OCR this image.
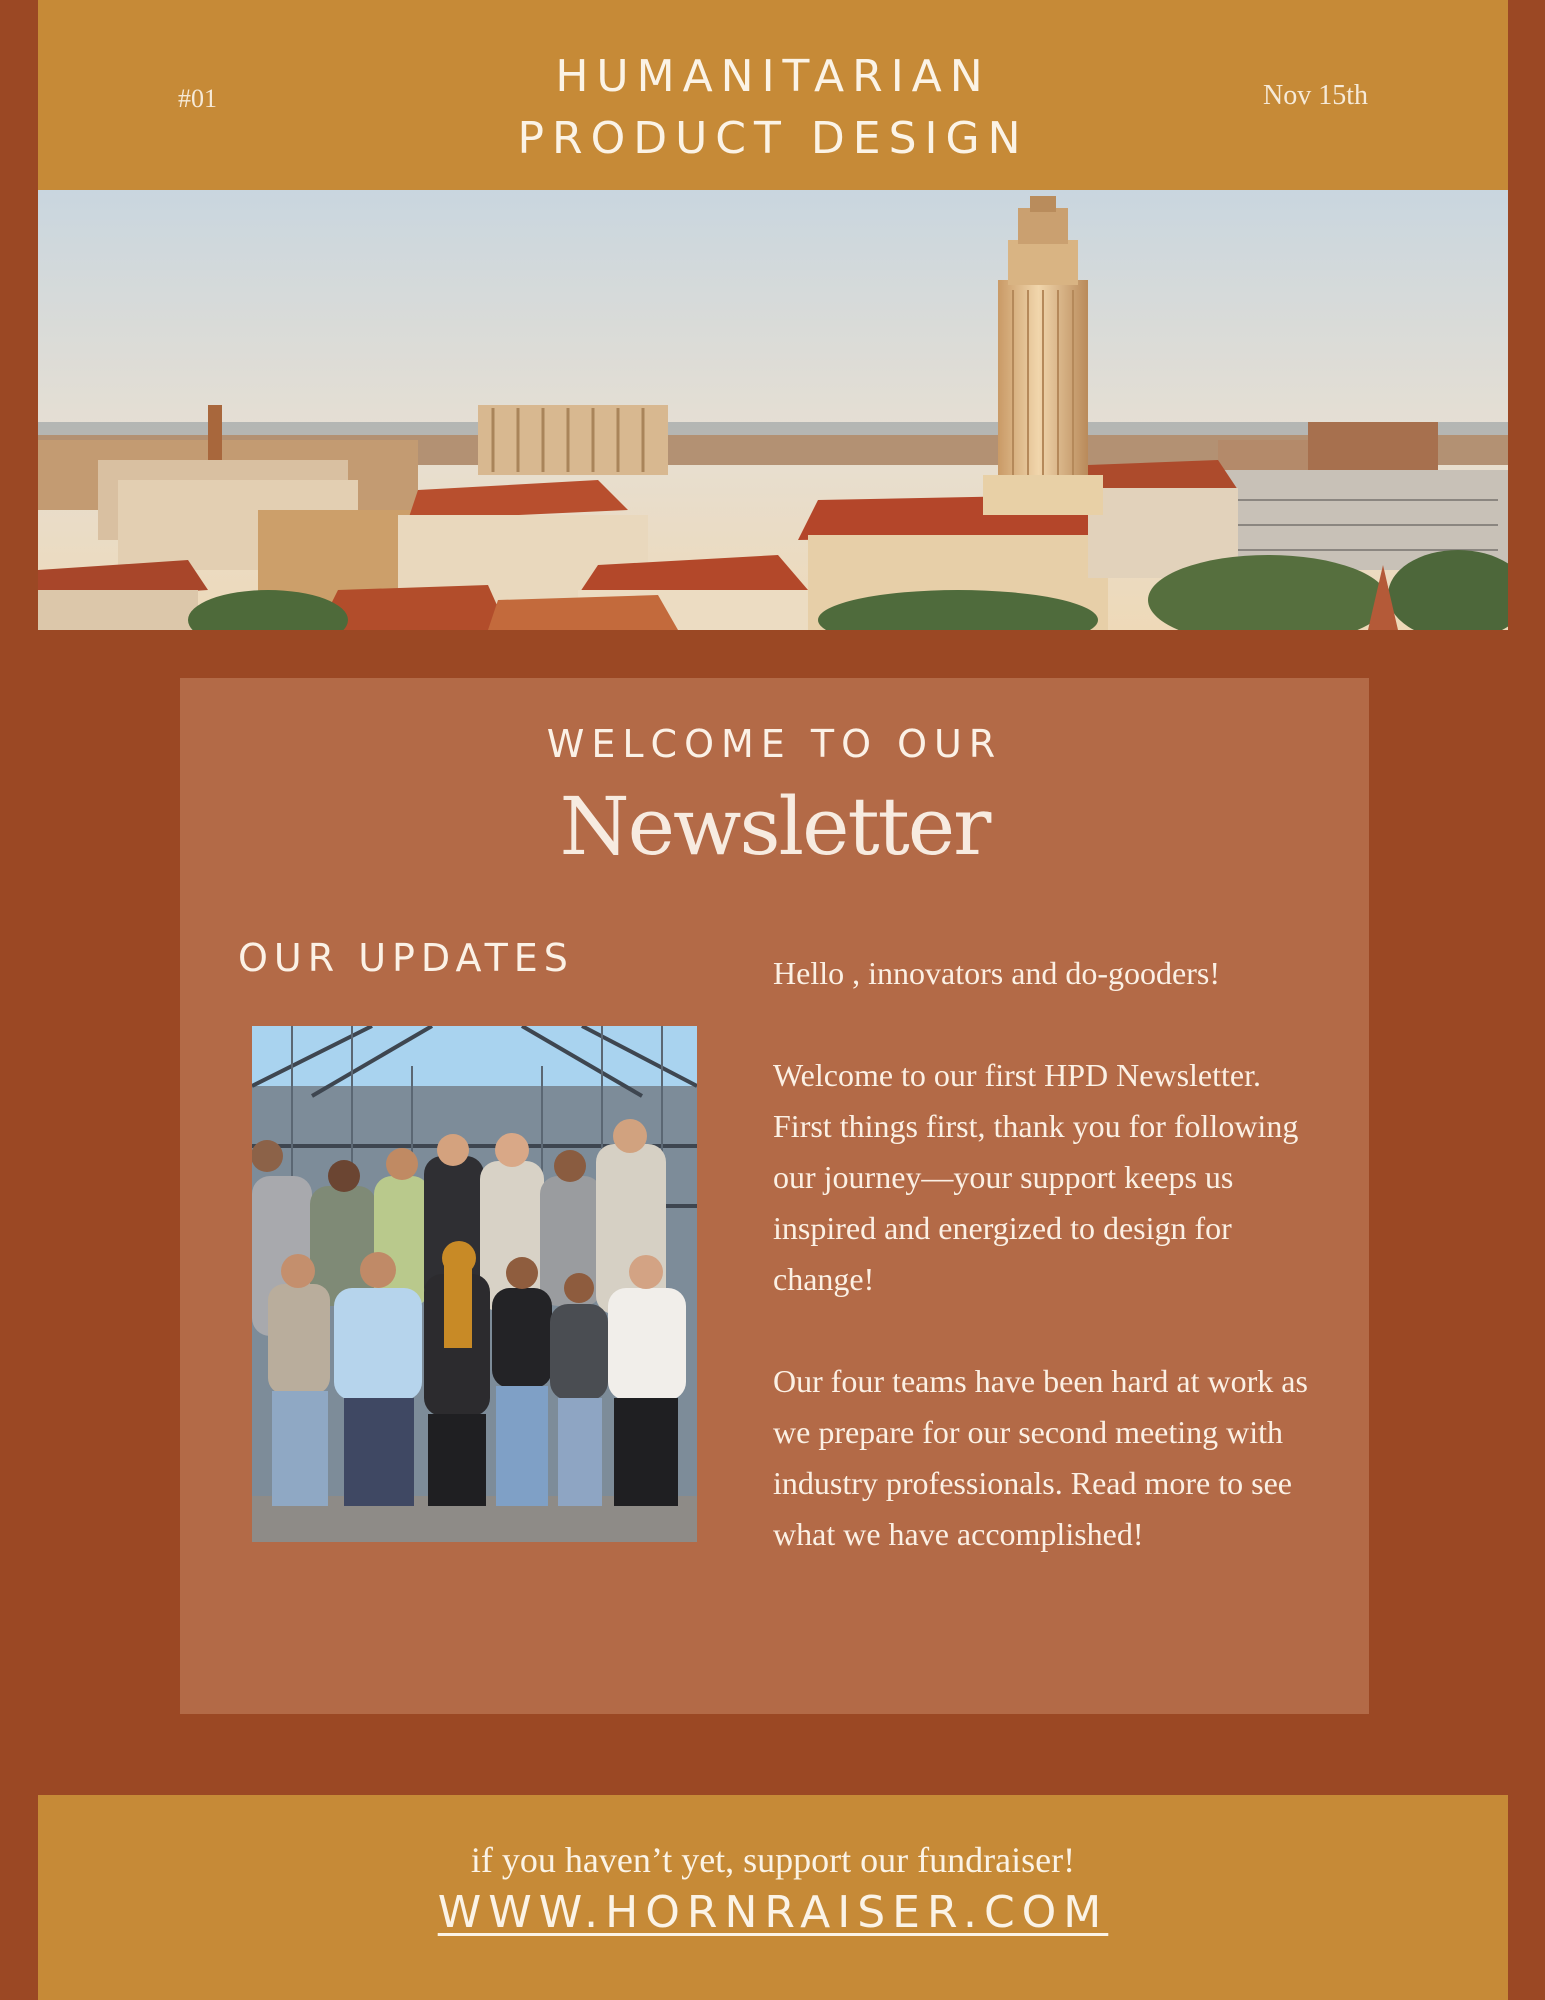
#01	HUMANITARIAN
PRODUCT DESIGN
Nov 15th
WELCOME TO OUR
Newsletter
OUR UPDATES	Hello , innovators and do-gooders!

Welcome to our first HPD Newsletter. First things first, thank you for following our journey—your support keeps us inspired and energized to design for change!

Our four teams have been hard at work as we prepare for our second meeting with industry professionals. Read more to see what we have accomplished!

if you haven’t yet, support our fundraiser!
WWW.HORNRAISER.COM
